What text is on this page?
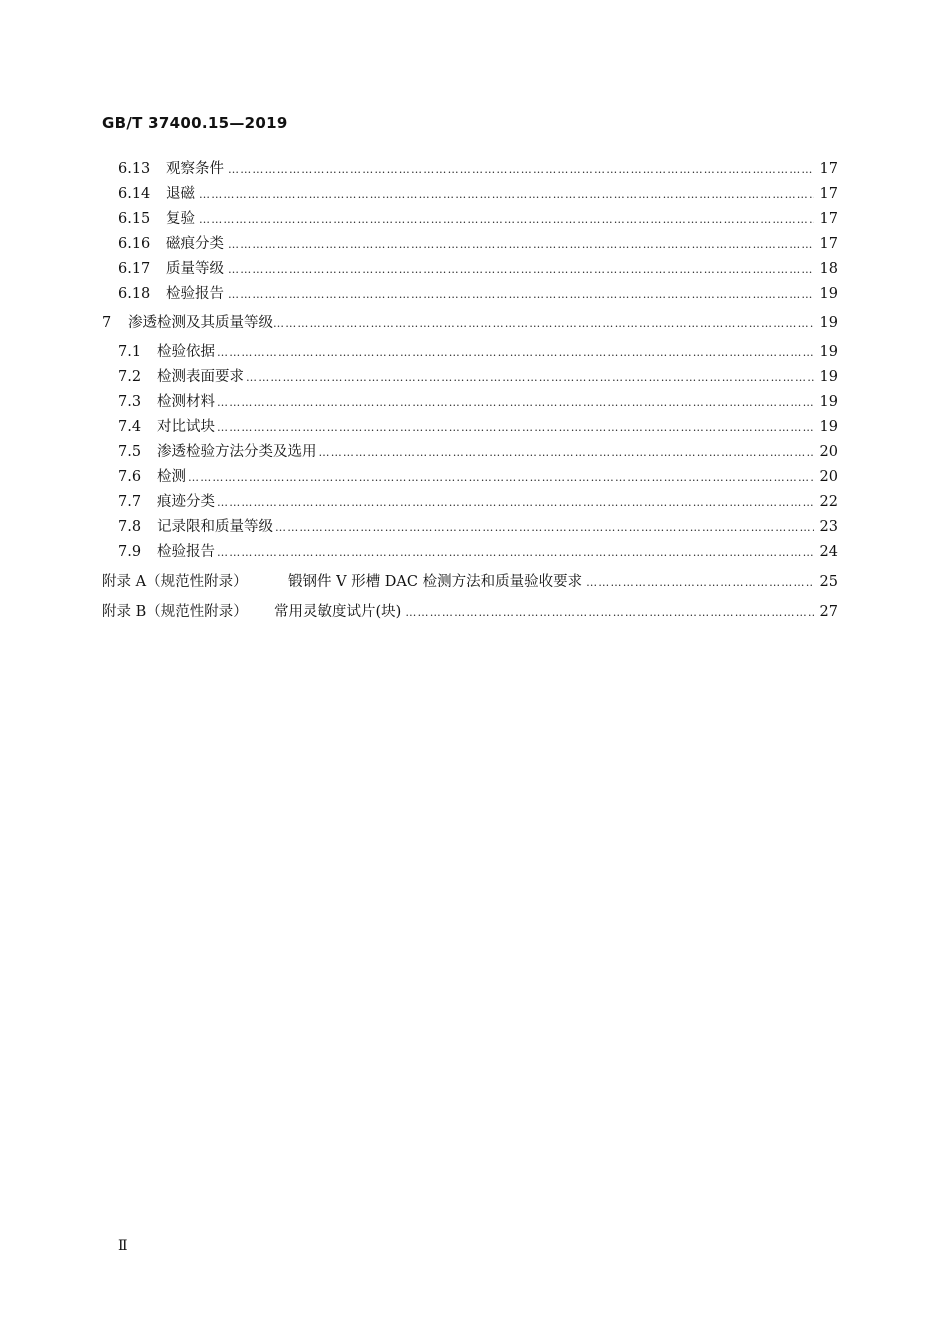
GB/T 37400.15—2019
6.13	观察条件 ………………………………………………………………………………………………………………………………………………………………………………………………………………………………………………………………………	17
6.14	退磁 ………………………………………………………………………………………………………………………………………………………………………………………………………………………………………………………………………	17
6.15	复验 ………………………………………………………………………………………………………………………………………………………………………………………………………………………………………………………………………	17
6.16	磁痕分类 ………………………………………………………………………………………………………………………………………………………………………………………………………………………………………………………………………	17
6.17	质量等级 ………………………………………………………………………………………………………………………………………………………………………………………………………………………………………………………………………	18
6.18	检验报告 ………………………………………………………………………………………………………………………………………………………………………………………………………………………………………………………………………	19
7	渗透检测及其质量等级 ………………………………………………………………………………………………………………………………………………………………………………………………………………………………………………………………………	19
7.1	检验依据 ………………………………………………………………………………………………………………………………………………………………………………………………………………………………………………………………………	19
7.2	检测表面要求 ………………………………………………………………………………………………………………………………………………………………………………………………………………………………………………………………………	19
7.3	检测材料 ………………………………………………………………………………………………………………………………………………………………………………………………………………………………………………………………………	19
7.4	对比试块 ………………………………………………………………………………………………………………………………………………………………………………………………………………………………………………………………………	19
7.5	渗透检验方法分类及选用 ………………………………………………………………………………………………………………………………………………………………………………………………………………………………………………………………………	20
7.6	检测 ………………………………………………………………………………………………………………………………………………………………………………………………………………………………………………………………………	20
7.7	痕迹分类 ………………………………………………………………………………………………………………………………………………………………………………………………………………………………………………………………………	22
7.8	记录限和质量等级 ………………………………………………………………………………………………………………………………………………………………………………………………………………………………………………………………………	23
7.9	检验报告 ………………………………………………………………………………………………………………………………………………………………………………………………………………………………………………………………………	24
附录 A（规范性附录）	锻钢件 V 形槽 DAC 检测方法和质量验收要求 ………………………………………………………………………………………………………………………………………………………………………………………………………………………………………………………………………	25
附录 B（规范性附录）	常用灵敏度试片(块) ………………………………………………………………………………………………………………………………………………………………………………………………………………………………………………………………………	27
Ⅱ
